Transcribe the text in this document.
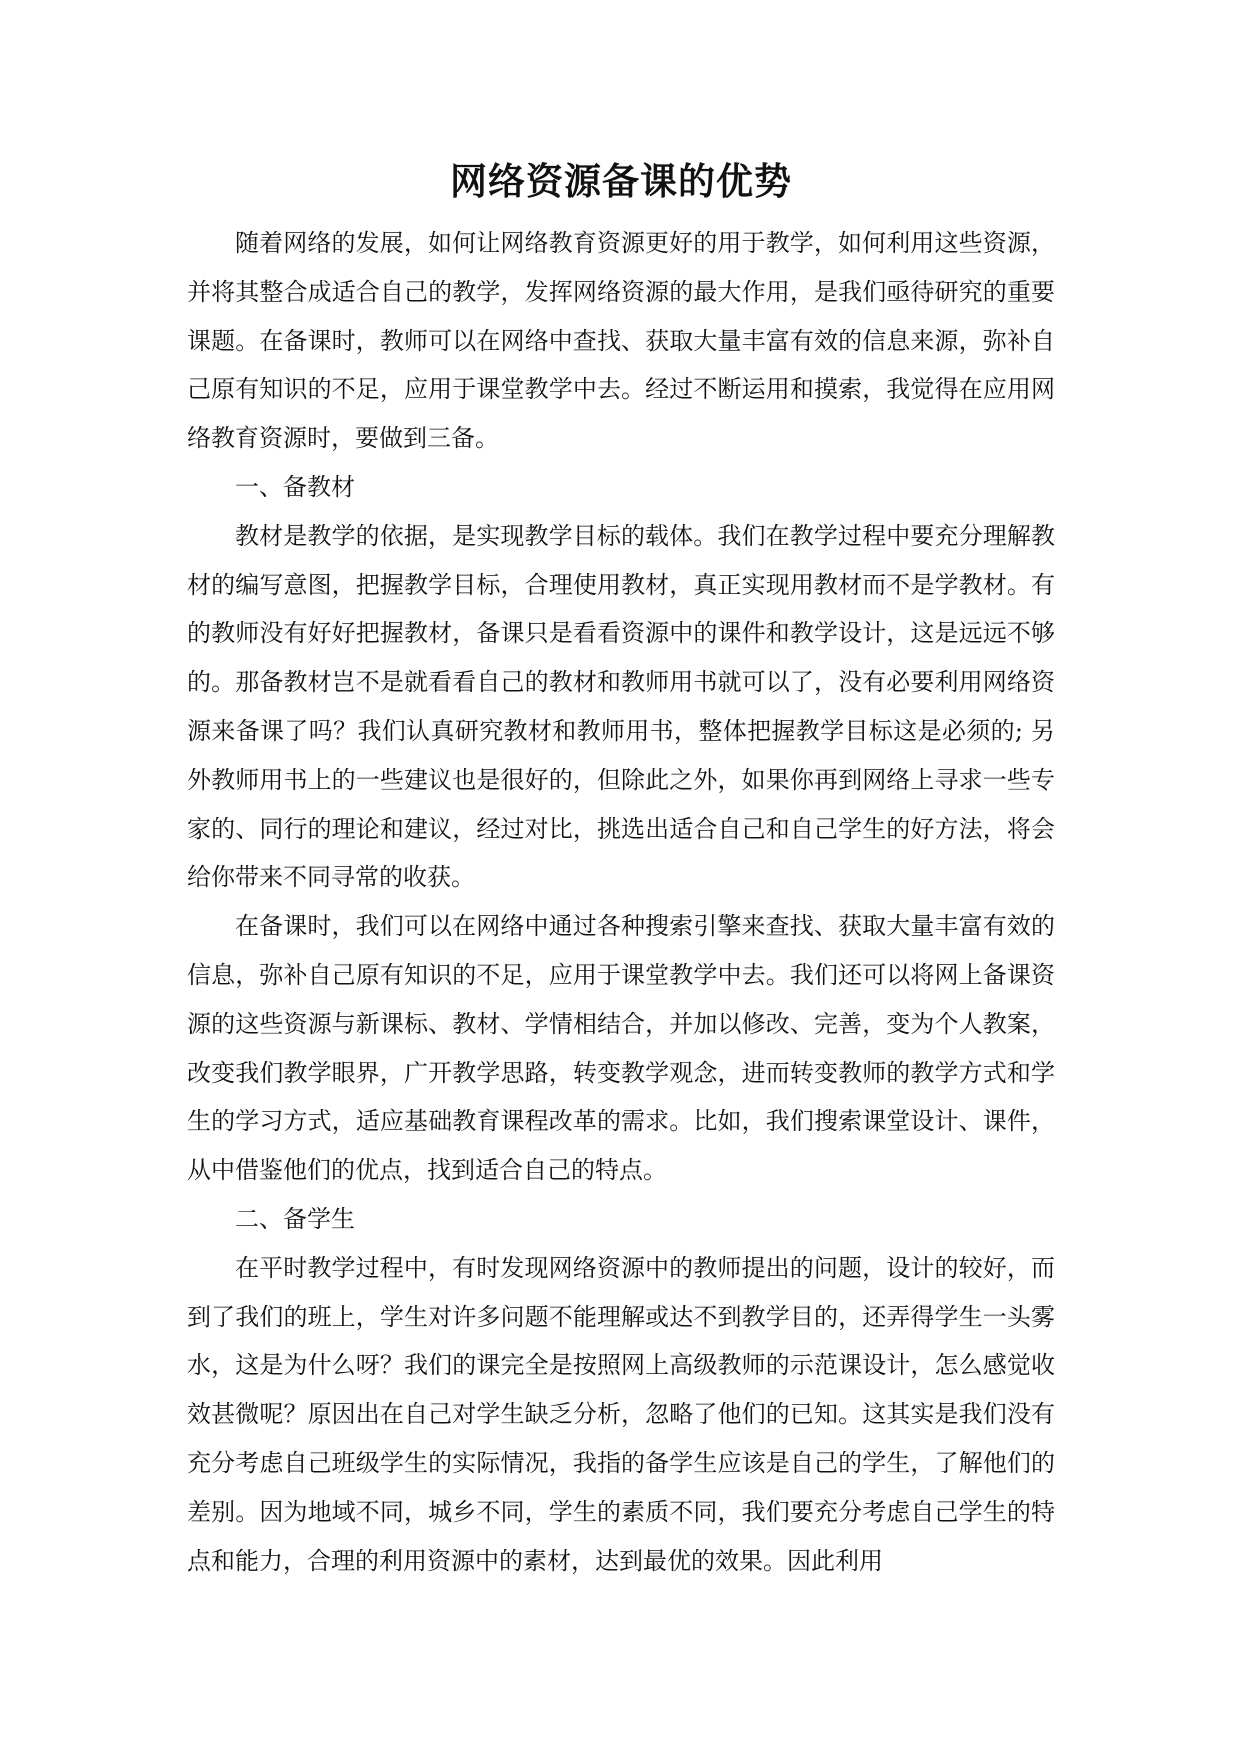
网络资源备课的优势

随着网络的发展，如何让网络教育资源更好的用于教学，如何利用这些资源，并将其整合成适合自己的教学，发挥网络资源的最大作用，是我们亟待研究的重要课题。在备课时，教师可以在网络中查找、获取大量丰富有效的信息来源，弥补自己原有知识的不足，应用于课堂教学中去。经过不断运用和摸索，我觉得在应用网络教育资源时，要做到三备。

一、备教材

教材是教学的依据，是实现教学目标的载体。我们在教学过程中要充分理解教材的编写意图，把握教学目标，合理使用教材，真正实现用教材而不是学教材。有的教师没有好好把握教材，备课只是看看资源中的课件和教学设计，这是远远不够的。那备教材岂不是就看看自己的教材和教师用书就可以了，没有必要利用网络资源来备课了吗？我们认真研究教材和教师用书，整体把握教学目标这是必须的; 另外教师用书上的一些建议也是很好的，但除此之外，如果你再到网络上寻求一些专家的、同行的理论和建议，经过对比，挑选出适合自己和自己学生的好方法，将会给你带来不同寻常的收获。

在备课时，我们可以在网络中通过各种搜索引擎来查找、获取大量丰富有效的信息，弥补自己原有知识的不足，应用于课堂教学中去。我们还可以将网上备课资源的这些资源与新课标、教材、学情相结合，并加以修改、完善，变为个人教案，改变我们教学眼界，广开教学思路，转变教学观念，进而转变教师的教学方式和学生的学习方式，适应基础教育课程改革的需求。比如，我们搜索课堂设计、课件，从中借鉴他们的优点，找到适合自己的特点。

二、备学生

在平时教学过程中，有时发现网络资源中的教师提出的问题，设计的较好，而到了我们的班上，学生对许多问题不能理解或达不到教学目的，还弄得学生一头雾水，这是为什么呀？我们的课完全是按照网上高级教师的示范课设计，怎么感觉收效甚微呢？原因出在自己对学生缺乏分析，忽略了他们的已知。这其实是我们没有充分考虑自己班级学生的实际情况，我指的备学生应该是自己的学生，了解他们的差别。因为地域不同，城乡不同，学生的素质不同，我们要充分考虑自己学生的特点和能力，合理的利用资源中的素材，达到最优的效果。因此利用
